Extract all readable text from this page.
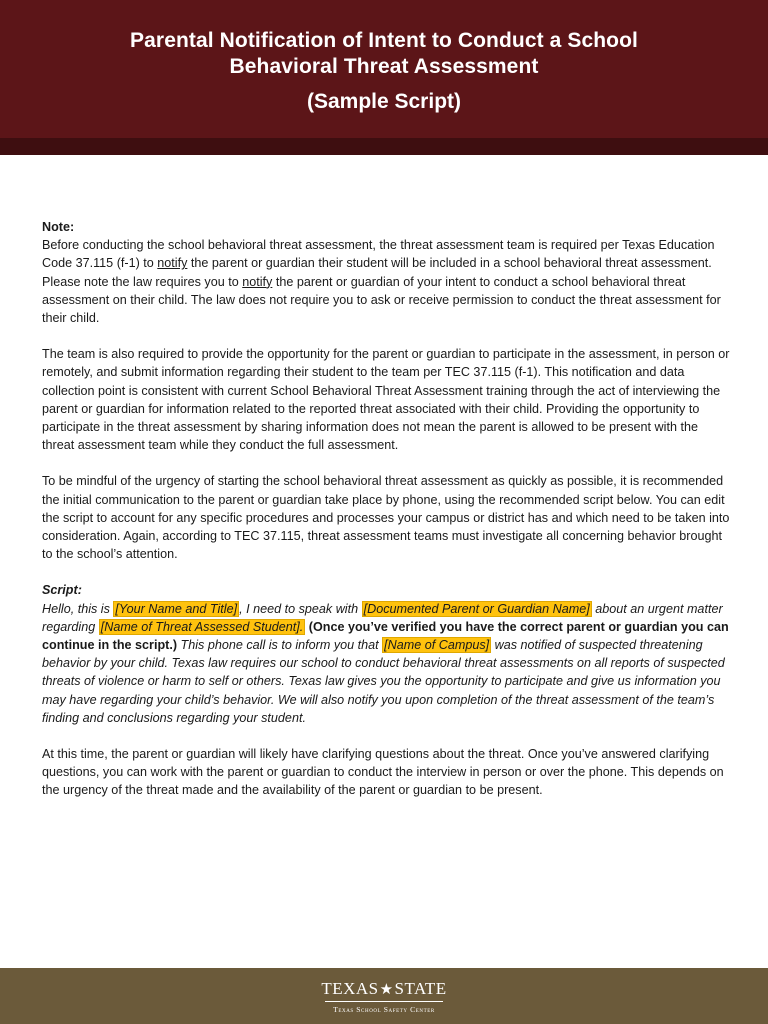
Parental Notification of Intent to Conduct a School
Behavioral Threat Assessment
(Sample Script)

Note:
Before conducting the school behavioral threat assessment, the threat assessment team is required per Texas Education Code 37.115 (f-1) to notify the parent or guardian their student will be included in a school behavioral threat assessment. Please note the law requires you to notify the parent or guardian of your intent to conduct a school behavioral threat assessment on their child. The law does not require you to ask or receive permission to conduct the threat assessment for their child.

The team is also required to provide the opportunity for the parent or guardian to participate in the assessment, in person or remotely, and submit information regarding their student to the team per TEC 37.115 (f-1). This notification and data collection point is consistent with current School Behavioral Threat Assessment training through the act of interviewing the parent or guardian for information related to the reported threat associated with their child. Providing the opportunity to participate in the threat assessment by sharing information does not mean the parent is allowed to be present with the threat assessment team while they conduct the full assessment.

To be mindful of the urgency of starting the school behavioral threat assessment as quickly as possible, it is recommended the initial communication to the parent or guardian take place by phone, using the recommended script below. You can edit the script to account for any specific procedures and processes your campus or district has and which need to be taken into consideration. Again, according to TEC 37.115, threat assessment teams must investigate all concerning behavior brought to the school’s attention.

Script:
Hello, this is [Your Name and Title] , I need to speak with [Documented Parent or Guardian Name] about an urgent matter regarding [Name of Threat Assessed Student]. (Once you’ve verified you have the correct parent or guardian you can continue in the script.) This phone call is to inform you that [Name of Campus] was notified of suspected threatening behavior by your child. Texas law requires our school to conduct behavioral threat assessments on all reports of suspected threats of violence or harm to self or others. Texas law gives you the opportunity to participate and give us information you may have regarding your child’s behavior. We will also notify you upon completion of the threat assessment of the team’s finding and conclusions regarding your student.

At this time, the parent or guardian will likely have clarifying questions about the threat. Once you’ve answered clarifying questions, you can work with the parent or guardian to conduct the interview in person or over the phone. This depends on the urgency of the threat made and the availability of the parent or guardian to be present.

TEXAS★STATE
Texas School Safety Center
